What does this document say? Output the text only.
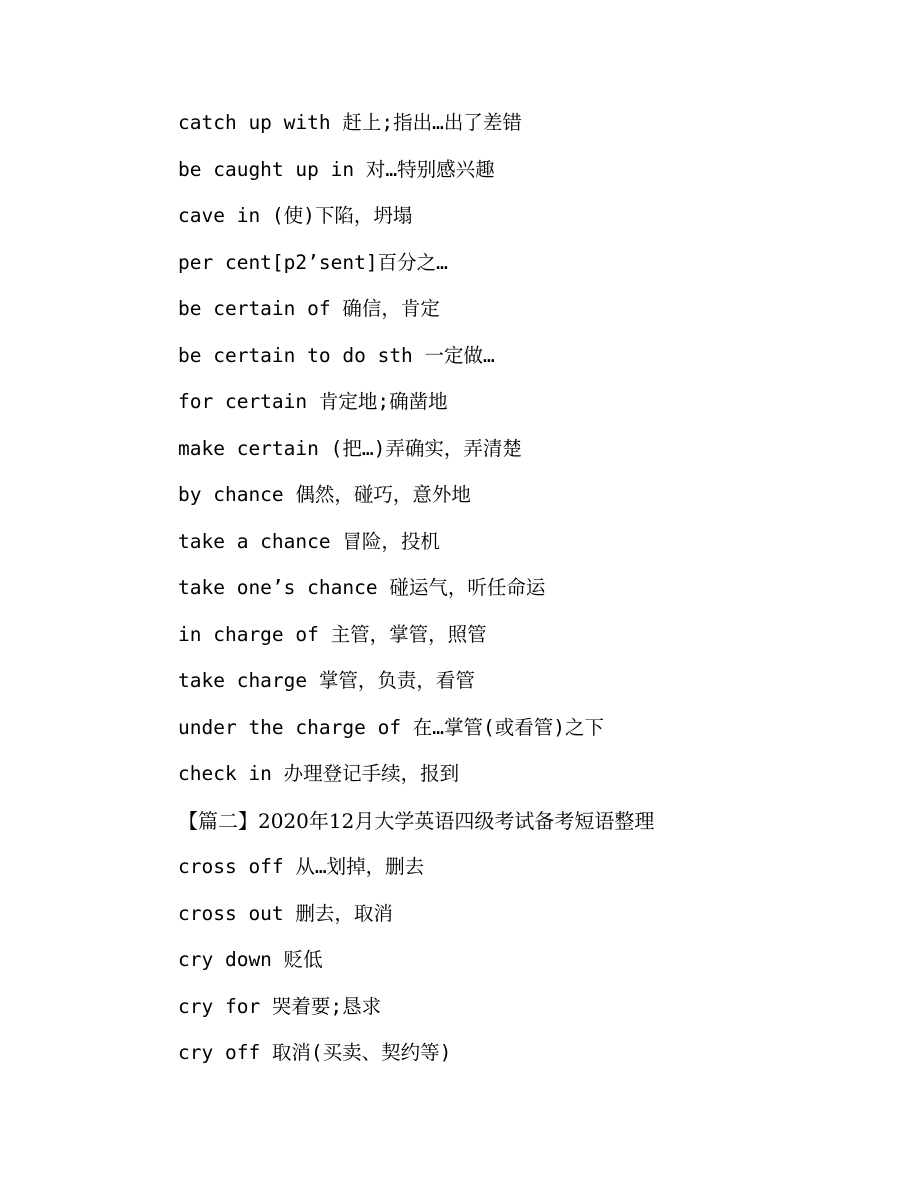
catch up with 赶上;指出…出了差错
be caught up in 对…特别感兴趣
cave in (使)下陷，坍塌
per cent[p2’sent]百分之…
be certain of 确信，肯定
be certain to do sth 一定做…
for certain 肯定地;确凿地
make certain (把…)弄确实，弄清楚
by chance 偶然，碰巧，意外地
take a chance 冒险，投机
take one’s chance 碰运气，听任命运
in charge of 主管，掌管，照管
take charge 掌管，负责，看管
under the charge of 在…掌管(或看管)之下
check in 办理登记手续，报到
【篇二】2020年12月大学英语四级考试备考短语整理
cross off 从…划掉，删去
cross out 删去，取消
cry down 贬低
cry for 哭着要;恳求
cry off 取消(买卖、契约等)
